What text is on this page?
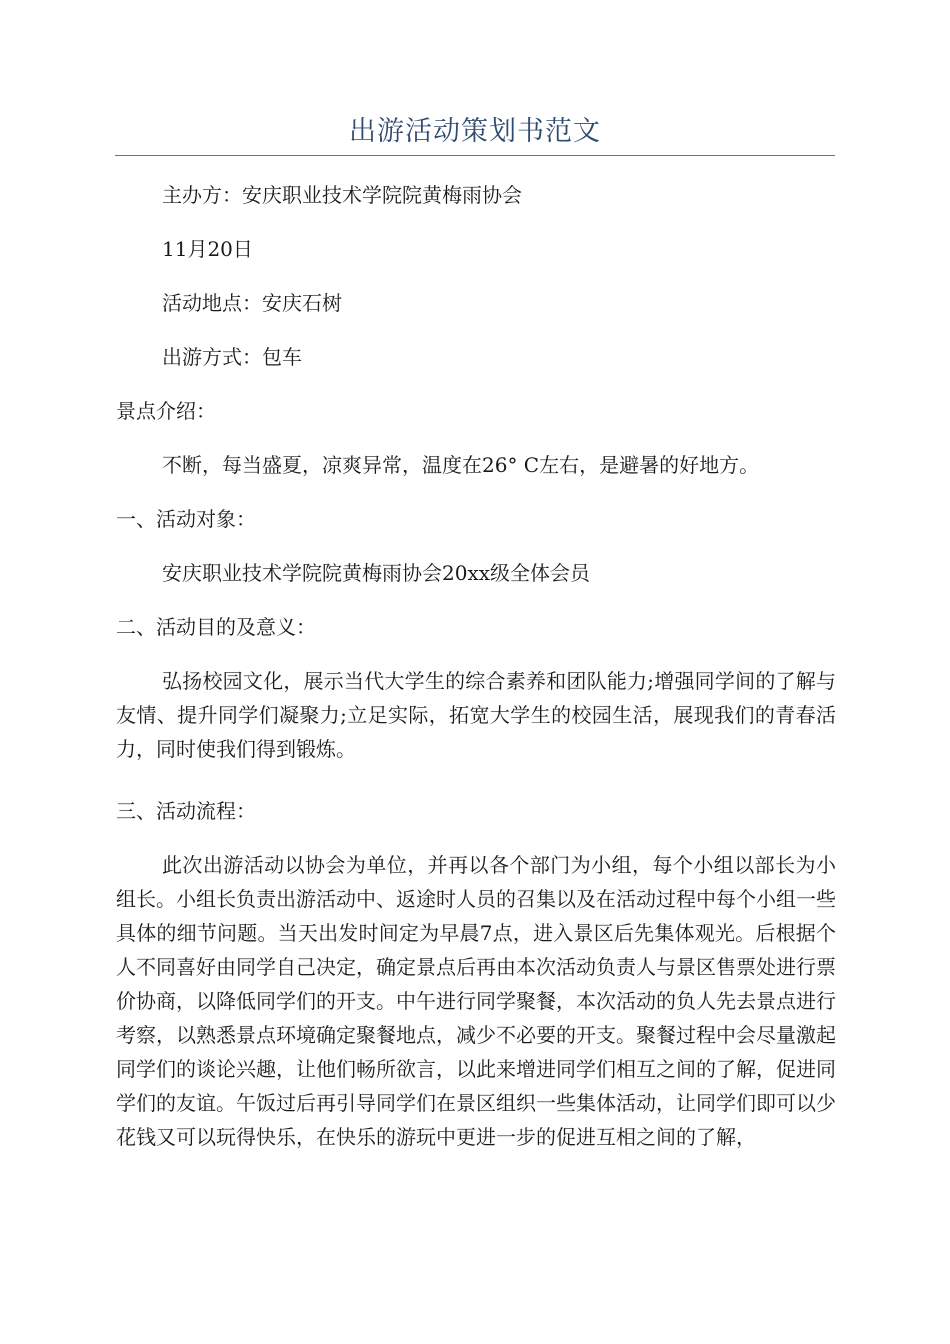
出游活动策划书范文
主办方：安庆职业技术学院院黄梅雨协会
11月20日
活动地点：安庆石树
出游方式：包车
景点介绍：
不断，每当盛夏，凉爽异常，温度在26° C左右，是避暑的好地方。
一、活动对象：
安庆职业技术学院院黄梅雨协会20xx级全体会员
二、活动目的及意义：
弘扬校园文化，展示当代大学生的综合素养和团队能力;增强同学间的了解与友情、提升同学们凝聚力;立足实际，拓宽大学生的校园生活，展现我们的青春活力，同时使我们得到锻炼。
三、活动流程：
此次出游活动以协会为单位，并再以各个部门为小组，每个小组以部长为小组长。小组长负责出游活动中、返途时人员的召集以及在活动过程中每个小组一些具体的细节问题。当天出发时间定为早晨7点，进入景区后先集体观光。后根据个人不同喜好由同学自己决定，确定景点后再由本次活动负责人与景区售票处进行票价协商，以降低同学们的开支。中午进行同学聚餐，本次活动的负人先去景点进行考察，以熟悉景点环境确定聚餐地点，减少不必要的开支。聚餐过程中会尽量激起同学们的谈论兴趣，让他们畅所欲言，以此来增进同学们相互之间的了解，促进同学们的友谊。午饭过后再引导同学们在景区组织一些集体活动，让同学们即可以少花钱又可以玩得快乐，在快乐的游玩中更进一步的促进互相之间的了解，
